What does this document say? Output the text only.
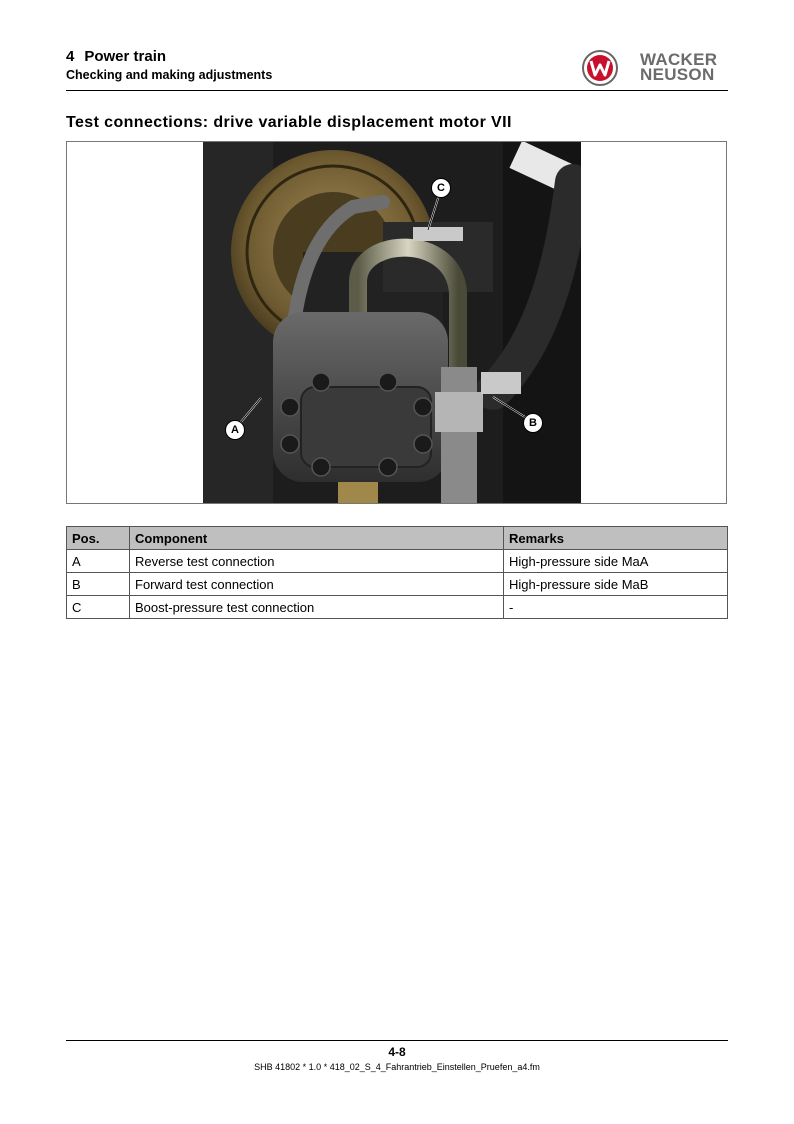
4 Power train
Checking and making adjustments
WACKER
NEUSON
Test connections: drive variable displacement motor VII
A
B
C
Pos.	Component	Remarks
A	Reverse test connection	High-pressure side MaA
B	Forward test connection	High-pressure side MaB
C	Boost-pressure test connection	-
4-8
SHB 41802 * 1.0 * 418_02_S_4_Fahrantrieb_Einstellen_Pruefen_a4.fm
